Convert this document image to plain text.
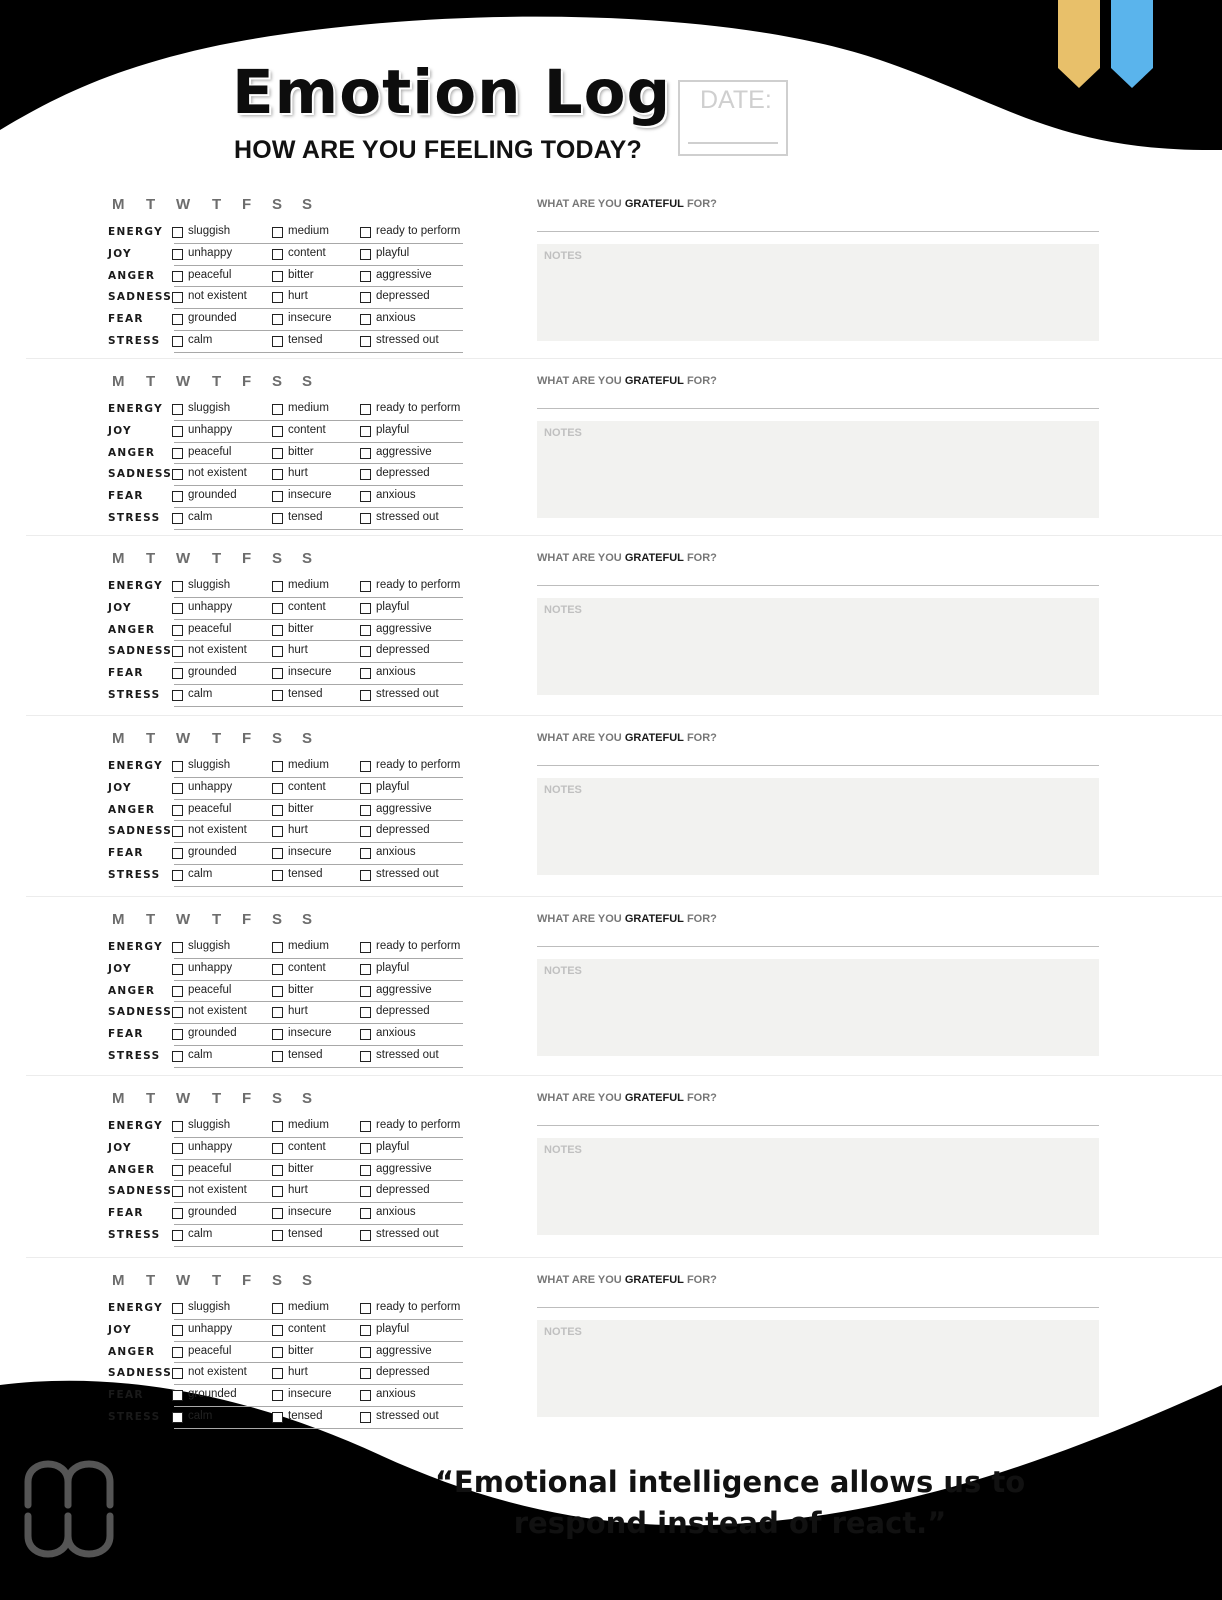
Emotion Log
HOW ARE YOU FEELING TODAY?
DATE:
M T W T F S S
ENERGY sluggish	medium	ready to perform
JOY	unhappy	content	playful
ANGER	peaceful	bitter	aggressive
SADNESS not existent	hurt	depressed
FEAR	grounded	insecure	anxious
STRESS calm	tensed	stressed out
WHAT ARE YOU GRATEFUL FOR?
NOTES
M T W T F S S
ENERGY sluggish	medium	ready to perform
JOY	unhappy	content	playful
ANGER	peaceful	bitter	aggressive
SADNESS not existent	hurt	depressed
FEAR	grounded	insecure	anxious
STRESS calm	tensed	stressed out
WHAT ARE YOU GRATEFUL FOR?
NOTES
M T W T F S S
ENERGY sluggish	medium	ready to perform
JOY	unhappy	content	playful
ANGER	peaceful	bitter	aggressive
SADNESS not existent	hurt	depressed
FEAR	grounded	insecure	anxious
STRESS calm	tensed	stressed out
WHAT ARE YOU GRATEFUL FOR?
NOTES
M T W T F S S
ENERGY sluggish	medium	ready to perform
JOY	unhappy	content	playful
ANGER	peaceful	bitter	aggressive
SADNESS not existent	hurt	depressed
FEAR	grounded	insecure	anxious
STRESS calm	tensed	stressed out
WHAT ARE YOU GRATEFUL FOR?
NOTES
M T W T F S S
ENERGY sluggish	medium	ready to perform
JOY	unhappy	content	playful
ANGER	peaceful	bitter	aggressive
SADNESS not existent	hurt	depressed
FEAR	grounded	insecure	anxious
STRESS calm	tensed	stressed out
WHAT ARE YOU GRATEFUL FOR?
NOTES
M T W T F S S
ENERGY sluggish	medium	ready to perform
JOY	unhappy	content	playful
ANGER	peaceful	bitter	aggressive
SADNESS not existent	hurt	depressed
FEAR	grounded	insecure	anxious
STRESS calm	tensed	stressed out
WHAT ARE YOU GRATEFUL FOR?
NOTES
M T W T F S S
ENERGY sluggish	medium	ready to perform
JOY	unhappy	content	playful
ANGER	peaceful	bitter	aggressive
SADNESS not existent	hurt	depressed
FEAR	grounded	insecure	anxious
STRESS calm	tensed	stressed out
WHAT ARE YOU GRATEFUL FOR?
NOTES

“Emotional intelligence allows us to respond instead of react.”
